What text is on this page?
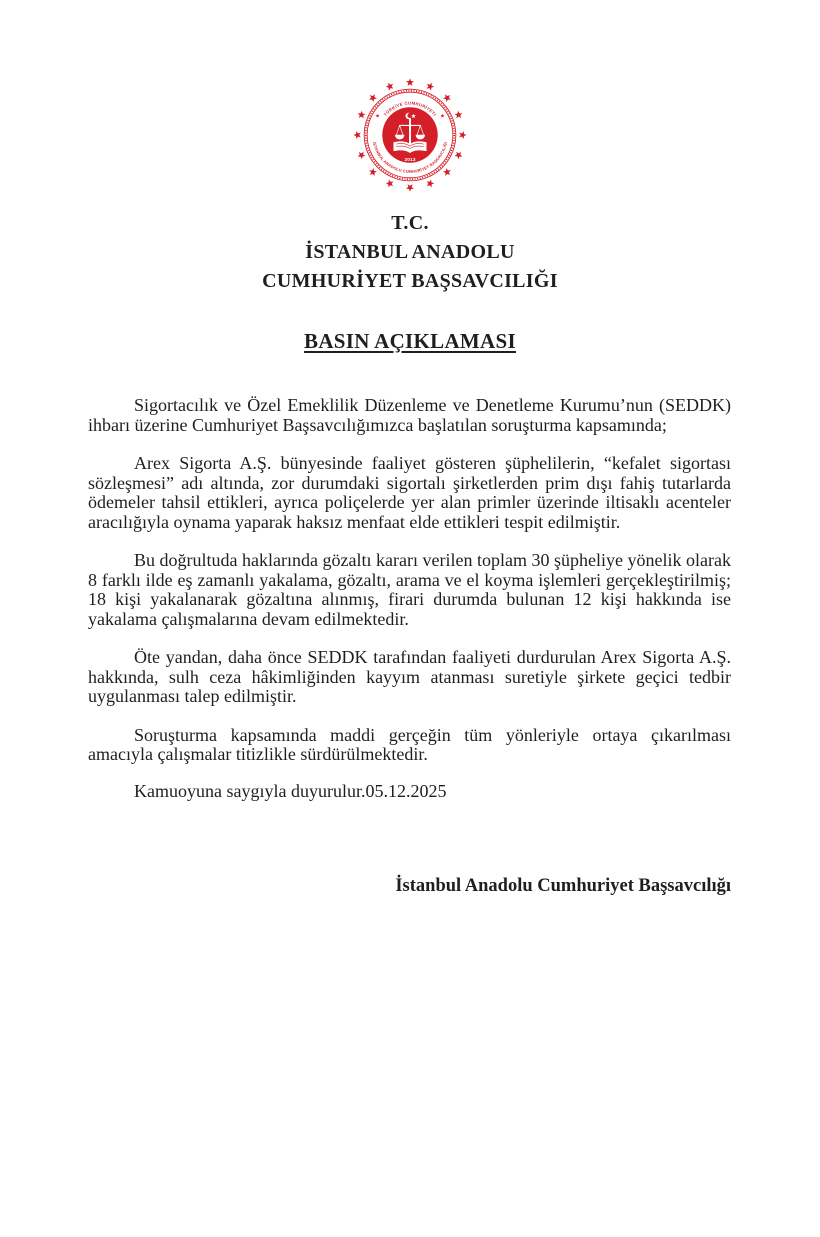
TÜRKİYE CUMHURİYETİ
İSTANBUL ANADOLU CUMHURİYET BAŞSAVCILIĞI
2013
T.C.
İSTANBUL ANADOLU
CUMHURİYET BAŞSAVCILIĞI
BASIN AÇIKLAMASI

Sigortacılık ve Özel Emeklilik Düzenleme ve Denetleme Kurumu’nun (SEDDK) ihbarı üzerine Cumhuriyet Başsavcılığımızca başlatılan soruşturma kapsamında;

Arex Sigorta A.Ş. bünyesinde faaliyet gösteren şüphelilerin, “kefalet sigortası sözleşmesi” adı altında, zor durumdaki sigortalı şirketlerden prim dışı fahiş tutarlarda ödemeler tahsil ettikleri, ayrıca poliçelerde yer alan primler üzerinde iltisaklı acenteler aracılığıyla oynama yaparak haksız menfaat elde ettikleri tespit edilmiştir.

Bu doğrultuda haklarında gözaltı kararı verilen toplam 30 şüpheliye yönelik olarak 8 farklı ilde eş zamanlı yakalama, gözaltı, arama ve el koyma işlemleri gerçekleştirilmiş; 18 kişi yakalanarak gözaltına alınmış, firari durumda bulunan 12 kişi hakkında ise yakalama çalışmalarına devam edilmektedir.

Öte yandan, daha önce SEDDK tarafından faaliyeti durdurulan Arex Sigorta A.Ş. hakkında, sulh ceza hâkimliğinden kayyım atanması suretiyle şirkete geçici tedbir uygulanması talep edilmiştir.

Soruşturma kapsamında maddi gerçeğin tüm yönleriyle ortaya çıkarılması amacıyla çalışmalar titizlikle sürdürülmektedir.

Kamuoyuna saygıyla duyurulur.05.12.2025
İstanbul Anadolu Cumhuriyet Başsavcılığı
